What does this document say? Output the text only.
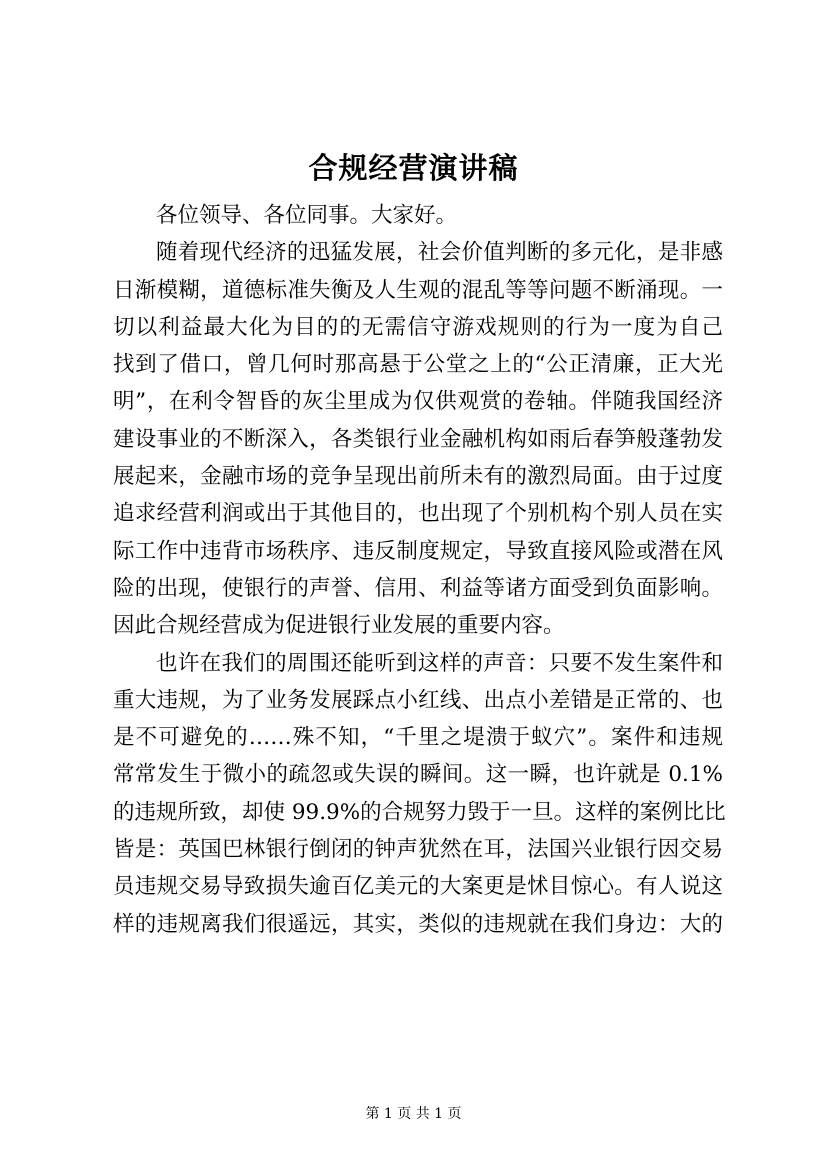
合规经营演讲稿
各位领导、各位同事。大家好。
随着现代经济的迅猛发展，社会价值判断的多元化，是非感
日渐模糊，道德标准失衡及人生观的混乱等等问题不断涌现。一
切以利益最大化为目的的无需信守游戏规则的行为一度为自己
找到了借口，曾几何时那高悬于公堂之上的“公正清廉，正大光
明”，在利令智昏的灰尘里成为仅供观赏的卷轴。伴随我国经济
建设事业的不断深入，各类银行业金融机构如雨后春笋般蓬勃发
展起来，金融市场的竞争呈现出前所未有的激烈局面。由于过度
追求经营利润或出于其他目的，也出现了个别机构个别人员在实
际工作中违背市场秩序、违反制度规定，导致直接风险或潜在风
险的出现，使银行的声誉、信用、利益等诸方面受到负面影响。
因此合规经营成为促进银行业发展的重要内容。
也许在我们的周围还能听到这样的声音：只要不发生案件和
重大违规，为了业务发展踩点小红线、出点小差错是正常的、也
是不可避免的……殊不知，“千里之堤溃于蚁穴”。案件和违规
常常发生于微小的疏忽或失误的瞬间。这一瞬，也许就是 0.1%
的违规所致，却使 99.9%的合规努力毁于一旦。这样的案例比比
皆是：英国巴林银行倒闭的钟声犹然在耳，法国兴业银行因交易
员违规交易导致损失逾百亿美元的大案更是怵目惊心。有人说这
样的违规离我们很遥远，其实，类似的违规就在我们身边：大的
第 1 页 共 1 页
